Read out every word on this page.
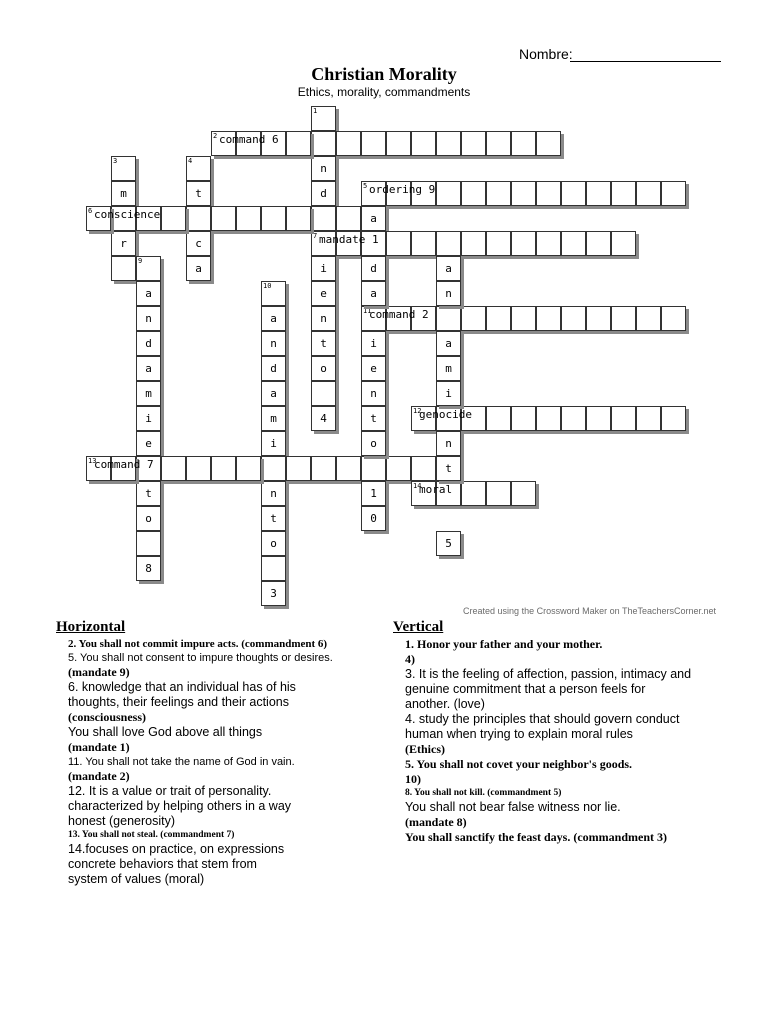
Nombre:
Christian Morality
Ethics, morality, commandments
1
n
d
7
i
e
n
t
o
4
2
3
m
r
4
t
c
a
5
6
a
9
a
n
d
a
m
i
e
t
o
8
10
a
n
d
a
m
i
n
t
o
3
11
12
13
14
d
a
i
e
n
t
o
1
0
a
n
a
m
i
n
t
5
command 6
ordering 9
conscience
mandate 1
command 2
genocide
command 7
moral
Created using the Crossword Maker on TheTeachersCorner.net
Horizontal
2. You shall not commit impure acts. (commandment 6)
5. You shall not consent to impure thoughts or desires.
(mandate 9)
6. knowledge that an individual has of his
thoughts, their feelings and their actions
(consciousness)
You shall love God above all things
(mandate 1)
11. You shall not take the name of God in vain.
(mandate 2)
12. It is a value or trait of personality.
characterized by helping others in a way
honest (generosity)
13. You shall not steal. (commandment 7)
14.focuses on practice, on expressions
concrete behaviors that stem from
system of values (moral)
Vertical
1. Honor your father and your mother.
4)
3. It is the feeling of affection, passion, intimacy and
genuine commitment that a person feels for
another. (love)
4. study the principles that should govern conduct
human when trying to explain moral rules
(Ethics)
5. You shall not covet your neighbor's goods.
10)
8. You shall not kill. (commandment 5)
You shall not bear false witness nor lie.
(mandate 8)
You shall sanctify the feast days. (commandment 3)
